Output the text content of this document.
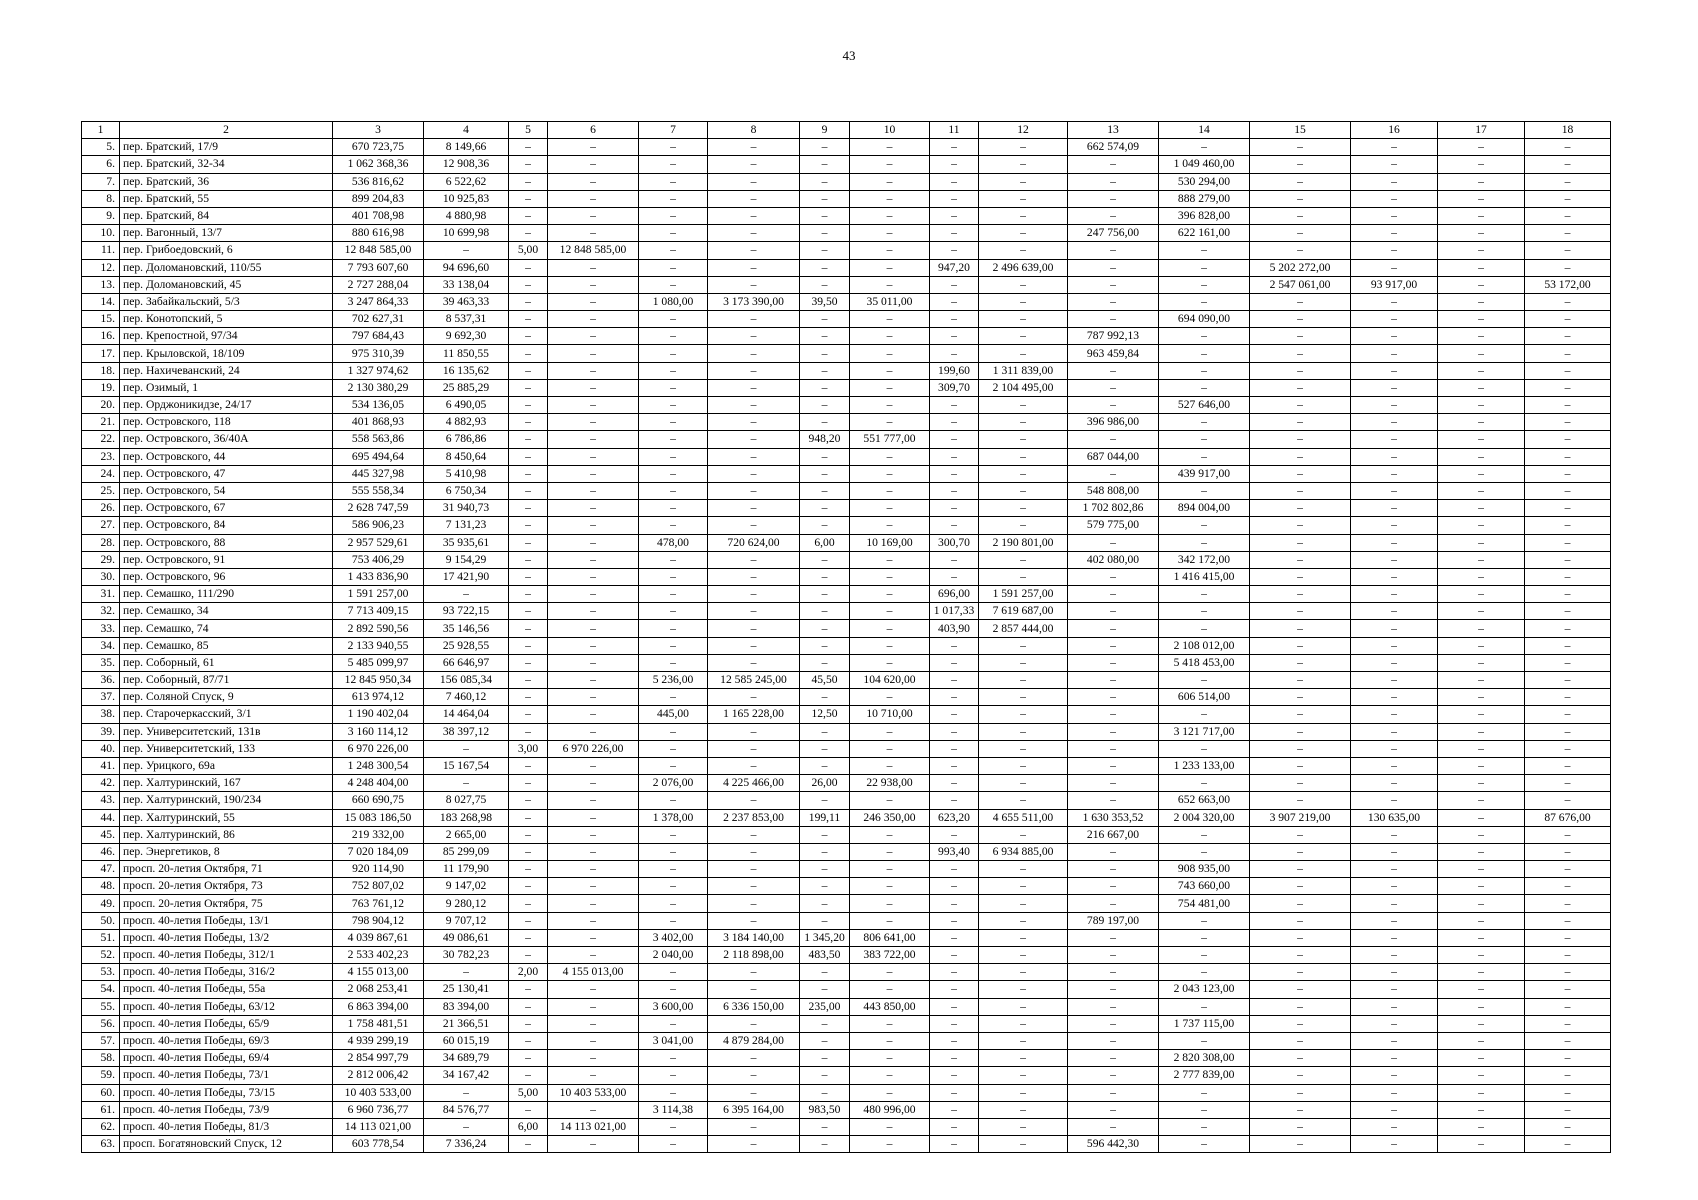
43
1	2	3	4	5	6	7	8	9	10	11	12	13	14	15	16	17	18
5.	пер. Братский, 17/9	670 723,75	8 149,66	–	–	–	–	–	–	–	–	662 574,09	–	–	–	–	–
6.	пер. Братский, 32-34	1 062 368,36	12 908,36	–	–	–	–	–	–	–	–	–	1 049 460,00	–	–	–	–
7.	пер. Братский, 36	536 816,62	6 522,62	–	–	–	–	–	–	–	–	–	530 294,00	–	–	–	–
8.	пер. Братский, 55	899 204,83	10 925,83	–	–	–	–	–	–	–	–	–	888 279,00	–	–	–	–
9.	пер. Братский, 84	401 708,98	4 880,98	–	–	–	–	–	–	–	–	–	396 828,00	–	–	–	–
10.	пер. Вагонный, 13/7	880 616,98	10 699,98	–	–	–	–	–	–	–	–	247 756,00	622 161,00	–	–	–	–
11.	пер. Грибоедовский, 6	12 848 585,00	–	5,00	12 848 585,00	–	–	–	–	–	–	–	–	–	–	–	–
12.	пер. Доломановский, 110/55	7 793 607,60	94 696,60	–	–	–	–	–	–	947,20	2 496 639,00	–	–	5 202 272,00	–	–	–
13.	пер. Доломановский, 45	2 727 288,04	33 138,04	–	–	–	–	–	–	–	–	–	–	2 547 061,00	93 917,00	–	53 172,00
14.	пер. Забайкальский, 5/3	3 247 864,33	39 463,33	–	–	1 080,00	3 173 390,00	39,50	35 011,00	–	–	–	–	–	–	–	–
15.	пер. Конотопский, 5	702 627,31	8 537,31	–	–	–	–	–	–	–	–	–	694 090,00	–	–	–	–
16.	пер. Крепостной, 97/34	797 684,43	9 692,30	–	–	–	–	–	–	–	–	787 992,13	–	–	–	–	–
17.	пер. Крыловской, 18/109	975 310,39	11 850,55	–	–	–	–	–	–	–	–	963 459,84	–	–	–	–	–
18.	пер. Нахичеванский, 24	1 327 974,62	16 135,62	–	–	–	–	–	–	199,60	1 311 839,00	–	–	–	–	–	–
19.	пер. Озимый, 1	2 130 380,29	25 885,29	–	–	–	–	–	–	309,70	2 104 495,00	–	–	–	–	–	–
20.	пер. Орджоникидзе, 24/17	534 136,05	6 490,05	–	–	–	–	–	–	–	–	–	527 646,00	–	–	–	–
21.	пер. Островского, 118	401 868,93	4 882,93	–	–	–	–	–	–	–	–	396 986,00	–	–	–	–	–
22.	пер. Островского, 36/40А	558 563,86	6 786,86	–	–	–	–	948,20	551 777,00	–	–	–	–	–	–	–	–
23.	пер. Островского, 44	695 494,64	8 450,64	–	–	–	–	–	–	–	–	687 044,00	–	–	–	–	–
24.	пер. Островского, 47	445 327,98	5 410,98	–	–	–	–	–	–	–	–	–	439 917,00	–	–	–	–
25.	пер. Островского, 54	555 558,34	6 750,34	–	–	–	–	–	–	–	–	548 808,00	–	–	–	–	–
26.	пер. Островского, 67	2 628 747,59	31 940,73	–	–	–	–	–	–	–	–	1 702 802,86	894 004,00	–	–	–	–
27.	пер. Островского, 84	586 906,23	7 131,23	–	–	–	–	–	–	–	–	579 775,00	–	–	–	–	–
28.	пер. Островского, 88	2 957 529,61	35 935,61	–	–	478,00	720 624,00	6,00	10 169,00	300,70	2 190 801,00	–	–	–	–	–	–
29.	пер. Островского, 91	753 406,29	9 154,29	–	–	–	–	–	–	–	–	402 080,00	342 172,00	–	–	–	–
30.	пер. Островского, 96	1 433 836,90	17 421,90	–	–	–	–	–	–	–	–	–	1 416 415,00	–	–	–	–
31.	пер. Семашко, 111/290	1 591 257,00	–	–	–	–	–	–	–	696,00	1 591 257,00	–	–	–	–	–	–
32.	пер. Семашко, 34	7 713 409,15	93 722,15	–	–	–	–	–	–	1 017,33	7 619 687,00	–	–	–	–	–	–
33.	пер. Семашко, 74	2 892 590,56	35 146,56	–	–	–	–	–	–	403,90	2 857 444,00	–	–	–	–	–	–
34.	пер. Семашко, 85	2 133 940,55	25 928,55	–	–	–	–	–	–	–	–	–	2 108 012,00	–	–	–	–
35.	пер. Соборный, 61	5 485 099,97	66 646,97	–	–	–	–	–	–	–	–	–	5 418 453,00	–	–	–	–
36.	пер. Соборный, 87/71	12 845 950,34	156 085,34	–	–	5 236,00	12 585 245,00	45,50	104 620,00	–	–	–	–	–	–	–	–
37.	пер. Соляной Спуск, 9	613 974,12	7 460,12	–	–	–	–	–	–	–	–	–	606 514,00	–	–	–	–
38.	пер. Старочеркасский, 3/1	1 190 402,04	14 464,04	–	–	445,00	1 165 228,00	12,50	10 710,00	–	–	–	–	–	–	–	–
39.	пер. Университетский, 131в	3 160 114,12	38 397,12	–	–	–	–	–	–	–	–	–	3 121 717,00	–	–	–	–
40.	пер. Университетский, 133	6 970 226,00	–	3,00	6 970 226,00	–	–	–	–	–	–	–	–	–	–	–	–
41.	пер. Урицкого, 69а	1 248 300,54	15 167,54	–	–	–	–	–	–	–	–	–	1 233 133,00	–	–	–	–
42.	пер. Халтуринский, 167	4 248 404,00	–	–	–	2 076,00	4 225 466,00	26,00	22 938,00	–	–	–	–	–	–	–	–
43.	пер. Халтуринский, 190/234	660 690,75	8 027,75	–	–	–	–	–	–	–	–	–	652 663,00	–	–	–	–
44.	пер. Халтуринский, 55	15 083 186,50	183 268,98	–	–	1 378,00	2 237 853,00	199,11	246 350,00	623,20	4 655 511,00	1 630 353,52	2 004 320,00	3 907 219,00	130 635,00	–	87 676,00
45.	пер. Халтуринский, 86	219 332,00	2 665,00	–	–	–	–	–	–	–	–	216 667,00	–	–	–	–	–
46.	пер. Энергетиков, 8	7 020 184,09	85 299,09	–	–	–	–	–	–	993,40	6 934 885,00	–	–	–	–	–	–
47.	просп. 20-летия Октября, 71	920 114,90	11 179,90	–	–	–	–	–	–	–	–	–	908 935,00	–	–	–	–
48.	просп. 20-летия Октября, 73	752 807,02	9 147,02	–	–	–	–	–	–	–	–	–	743 660,00	–	–	–	–
49.	просп. 20-летия Октября, 75	763 761,12	9 280,12	–	–	–	–	–	–	–	–	–	754 481,00	–	–	–	–
50.	просп. 40-летия Победы, 13/1	798 904,12	9 707,12	–	–	–	–	–	–	–	–	789 197,00	–	–	–	–	–
51.	просп. 40-летия Победы, 13/2	4 039 867,61	49 086,61	–	–	3 402,00	3 184 140,00	1 345,20	806 641,00	–	–	–	–	–	–	–	–
52.	просп. 40-летия Победы, 312/1	2 533 402,23	30 782,23	–	–	2 040,00	2 118 898,00	483,50	383 722,00	–	–	–	–	–	–	–	–
53.	просп. 40-летия Победы, 316/2	4 155 013,00	–	2,00	4 155 013,00	–	–	–	–	–	–	–	–	–	–	–	–
54.	просп. 40-летия Победы, 55а	2 068 253,41	25 130,41	–	–	–	–	–	–	–	–	–	2 043 123,00	–	–	–	–
55.	просп. 40-летия Победы, 63/12	6 863 394,00	83 394,00	–	–	3 600,00	6 336 150,00	235,00	443 850,00	–	–	–	–	–	–	–	–
56.	просп. 40-летия Победы, 65/9	1 758 481,51	21 366,51	–	–	–	–	–	–	–	–	–	1 737 115,00	–	–	–	–
57.	просп. 40-летия Победы, 69/3	4 939 299,19	60 015,19	–	–	3 041,00	4 879 284,00	–	–	–	–	–	–	–	–	–	–
58.	просп. 40-летия Победы, 69/4	2 854 997,79	34 689,79	–	–	–	–	–	–	–	–	–	2 820 308,00	–	–	–	–
59.	просп. 40-летия Победы, 73/1	2 812 006,42	34 167,42	–	–	–	–	–	–	–	–	–	2 777 839,00	–	–	–	–
60.	просп. 40-летия Победы, 73/15	10 403 533,00	–	5,00	10 403 533,00	–	–	–	–	–	–	–	–	–	–	–	–
61.	просп. 40-летия Победы, 73/9	6 960 736,77	84 576,77	–	–	3 114,38	6 395 164,00	983,50	480 996,00	–	–	–	–	–	–	–	–
62.	просп. 40-летия Победы, 81/3	14 113 021,00	–	6,00	14 113 021,00	–	–	–	–	–	–	–	–	–	–	–	–
63.	просп. Богатяновский Спуск, 12	603 778,54	7 336,24	–	–	–	–	–	–	–	–	596 442,30	–	–	–	–	–
